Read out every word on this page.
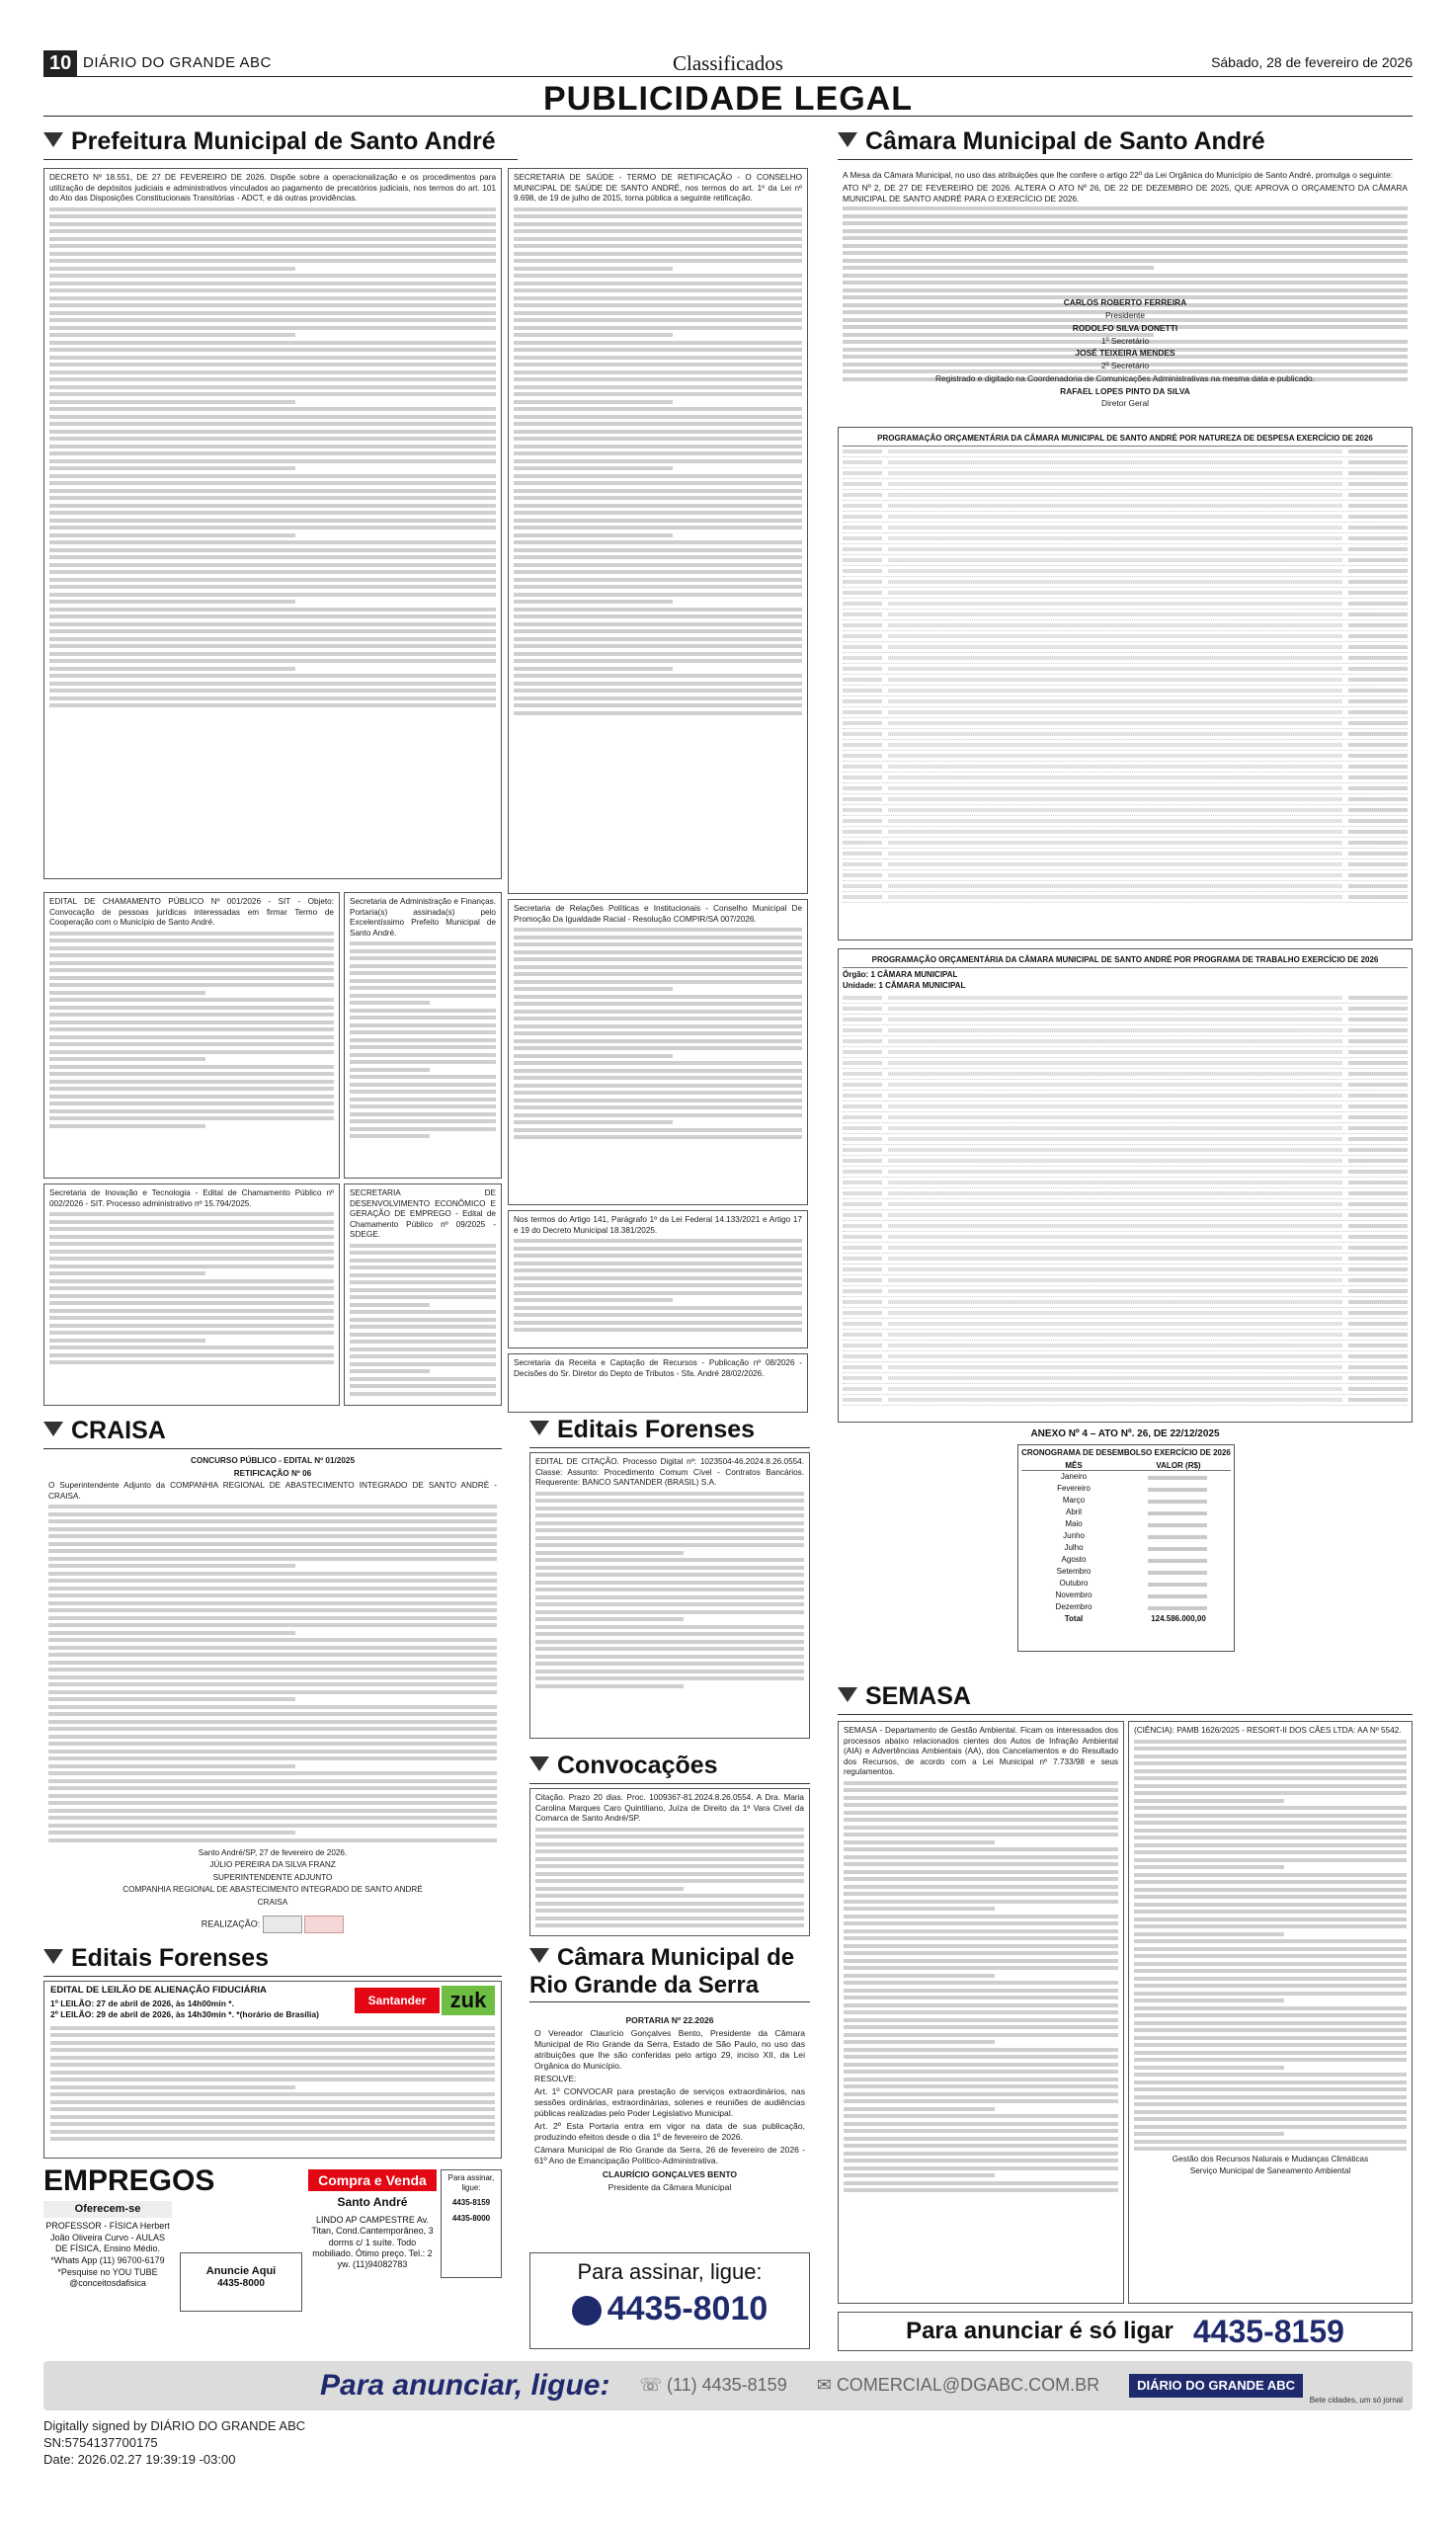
10 DIÁRIO DO GRANDE ABC	Classificados	Sábado, 28 de fevereiro de 2026
PUBLICIDADE LEGAL
Prefeitura Municipal de Santo André

DECRETO Nº 18.551, DE 27 DE FEVEREIRO DE 2026. Dispõe sobre a operacionalização e os procedimentos para utilização de depósitos judiciais e administrativos vinculados ao pagamento de precatórios judiciais, nos termos do art. 101 do Ato das Disposições Constitucionais Transitórias - ADCT, e dá outras providências.

SECRETARIA DE SAÚDE - TERMO DE RETIFICAÇÃO - O CONSELHO MUNICIPAL DE SAÚDE DE SANTO ANDRÉ, nos termos do art. 1º da Lei nº 9.698, de 19 de julho de 2015, torna pública a seguinte retificação.

EDITAL DE CHAMAMENTO PÚBLICO Nº 001/2026 - SIT - Objeto: Convocação de pessoas jurídicas interessadas em firmar Termo de Cooperação com o Município de Santo André.

Secretaria de Administração e Finanças. Portaria(s) assinada(s) pelo Excelentíssimo Prefeito Municipal de Santo André.

Secretaria de Inovação e Tecnologia - Edital de Chamamento Público nº 002/2026 - SIT. Processo administrativo nº 15.794/2025.

SECRETARIA DE DESENVOLVIMENTO ECONÔMICO E GERAÇÃO DE EMPREGO - Edital de Chamamento Público nº 09/2025 - SDEGE.

Secretaria de Relações Políticas e Institucionais - Conselho Municipal De Promoção Da Igualdade Racial - Resolução COMPIR/SA 007/2026.

Nos termos do Artigo 141, Parágrafo 1º da Lei Federal 14.133/2021 e Artigo 17 e 19 do Decreto Municipal 18.381/2025.

Secretaria da Receita e Captação de Recursos - Publicação nº 08/2026 - Decisões do Sr. Diretor do Depto de Tributos - Sfa. André 28/02/2026.

CRAISA

CONCURSO PÚBLICO - EDITAL Nº 01/2025

RETIFICAÇÃO Nº 06

O Superintendente Adjunto da COMPANHIA REGIONAL DE ABASTECIMENTO INTEGRADO DE SANTO ANDRÉ - CRAISA.

Santo André/SP, 27 de fevereiro de 2026.

JÚLIO PEREIRA DA SILVA FRANZ

SUPERINTENDENTE ADJUNTO

COMPANHIA REGIONAL DE ABASTECIMENTO INTEGRADO DE SANTO ANDRÉ

CRAISA

REALIZAÇÃO:

Editais Forenses
EDITAL DE LEILÃO DE ALIENAÇÃO FIDUCIÁRIA
1º LEILÃO: 27 de abril de 2026, às 14h00min *.
2º LEILÃO: 29 de abril de 2026, às 14h30min *. *(horário de Brasília)
Santander	zuk
EMPREGOS
Oferecem-se
PROFESSOR - FÍSICA Herbert João Oliveira Curvo - AULAS DE FÍSICA, Ensino Médio. *Whats App (11) 96700-6179 *Pesquise no YOU TUBE @conceitosdafisica
Anuncie Aqui
4435-8000
Compra e Venda
Santo André
LINDO AP CAMPESTRE Av. Titan, Cond.Cantemporâneo, 3 dorms c/ 1 suíte. Todo mobiliado. Ótimo preço. Tel.: 2 yw. (11)94082783
Para assinar, ligue:
4435-8159
4435-8000
Editais Forenses

EDITAL DE CITAÇÃO. Processo Digital nº: 1023504-46.2024.8.26.0554. Classe: Assunto: Procedimento Comum Cível - Contratos Bancários. Requerente: BANCO SANTANDER (BRASIL) S.A.

Convocações

Citação. Prazo 20 dias. Proc. 1009367-81.2024.8.26.0554. A Dra. Maria Carolina Marques Caro Quintiliano, Juíza de Direito da 1ª Vara Cível da Comarca de Santo André/SP.

Câmara Municipal de Rio Grande da Serra

PORTARIA Nº 22.2026

O Vereador Claurício Gonçalves Bento, Presidente da Câmara Municipal de Rio Grande da Serra, Estado de São Paulo, no uso das atribuições que lhe são conferidas pelo artigo 29, inciso XII, da Lei Orgânica do Município.

RESOLVE:

Art. 1º CONVOCAR para prestação de serviços extraordinários, nas sessões ordinárias, extraordinárias, solenes e reuniões de audiências públicas realizadas pelo Poder Legislativo Municipal.

Art. 2º Esta Portaria entra em vigor na data de sua publicação, produzindo efeitos desde o dia 1º de fevereiro de 2026.

Câmara Municipal de Rio Grande da Serra, 26 de fevereiro de 2026 - 61º Ano de Emancipação Político-Administrativa.

CLAURÍCIO GONÇALVES BENTO

Presidente da Câmara Municipal

Para assinar, ligue:
4435-8010
Câmara Municipal de Santo André

A Mesa da Câmara Municipal, no uso das atribuições que lhe confere o artigo 22º da Lei Orgânica do Município de Santo André, promulga o seguinte:

ATO Nº 2, DE 27 DE FEVEREIRO DE 2026. ALTERA O ATO Nº 26, DE 22 DE DEZEMBRO DE 2025, QUE APROVA O ORÇAMENTO DA CÂMARA MUNICIPAL DE SANTO ANDRÉ PARA O EXERCÍCIO DE 2026.

CARLOS ROBERTO FERREIRA

Presidente

RODOLFO SILVA DONETTI

1º Secretário

JOSÉ TEIXEIRA MENDES

2º Secretário

Registrado e digitado na Coordenadoria de Comunicações Administrativas na mesma data e publicado.

RAFAEL LOPES PINTO DA SILVA

Diretor Geral

PROGRAMAÇÃO ORÇAMENTÁRIA DA CÂMARA MUNICIPAL DE SANTO ANDRÉ POR NATUREZA DE DESPESA EXERCÍCIO DE 2026
PROGRAMAÇÃO ORÇAMENTÁRIA DA CÂMARA MUNICIPAL DE SANTO ANDRÉ POR PROGRAMA DE TRABALHO EXERCÍCIO DE 2026
Órgão: 1 CÂMARA MUNICIPAL
Unidade: 1 CÂMARA MUNICIPAL
ANEXO Nº 4 – ATO Nº. 26, DE 22/12/2025
CRONOGRAMA DE DESEMBOLSO EXERCÍCIO DE 2026
MÊS	VALOR (R$)
Janeiro
Fevereiro
Março
Abril
Maio
Junho
Julho
Agosto
Setembro
Outubro
Novembro
Dezembro
Total	124.586.000,00
SEMASA

SEMASA - Departamento de Gestão Ambiental. Ficam os interessados dos processos abaixo relacionados cientes dos Autos de Infração Ambiental (AIA) e Advertências Ambientais (AA), dos Cancelamentos e do Resultado dos Recursos, de acordo com a Lei Municipal nº 7.733/98 e seus regulamentos.

(CIÊNCIA): PAMB 1626/2025 - RESORT-II DOS CÃES LTDA: AA Nº 5542.

Gestão dos Recursos Naturais e Mudanças Climáticas

Serviço Municipal de Saneamento Ambiental

Para anunciar é só ligar 4435-8159
Para anunciar, ligue: ☏ (11) 4435-8159 ✉ COMERCIAL@DGABC.COM.BR	DIÁRIO DO GRANDE ABC
Bete cidades, um só jornal
Digitally signed by DIÁRIO DO GRANDE ABC
SN:5754137700175
Date: 2026.02.27 19:39:19 -03:00
